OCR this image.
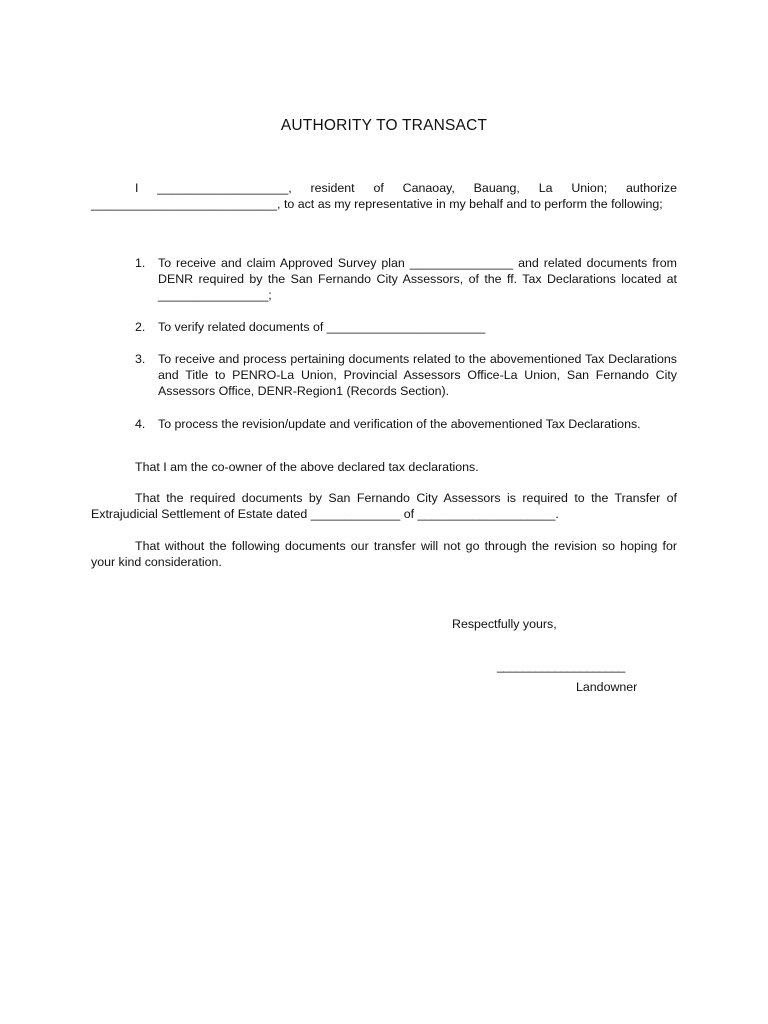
AUTHORITY TO TRANSACT

I ___________________, resident of Canaoay, Bauang, La Union; authorize ___________________________, to act as my representative in my behalf and to perform the following;

1. To receive and claim Approved Survey plan _______________ and related documents from DENR required by the San Fernando City Assessors, of the ff. Tax Declarations located at ________________;
2. To verify related documents of _______________________
3. To receive and process pertaining documents related to the abovementioned Tax Declarations and Title to PENRO-La Union, Provincial Assessors Office-La Union, San Fernando City Assessors Office, DENR-Region1 (Records Section).
4. To process the revision/update and verification of the abovementioned Tax Declarations.

That I am the co-owner of the above declared tax declarations.

That the required documents by San Fernando City Assessors is required to the Transfer of Extrajudicial Settlement of Estate dated _____________ of ____________________.

That without the following documents our transfer will not go through the revision so hoping for your kind consideration.

Respectfully yours,
____________________
Landowner
